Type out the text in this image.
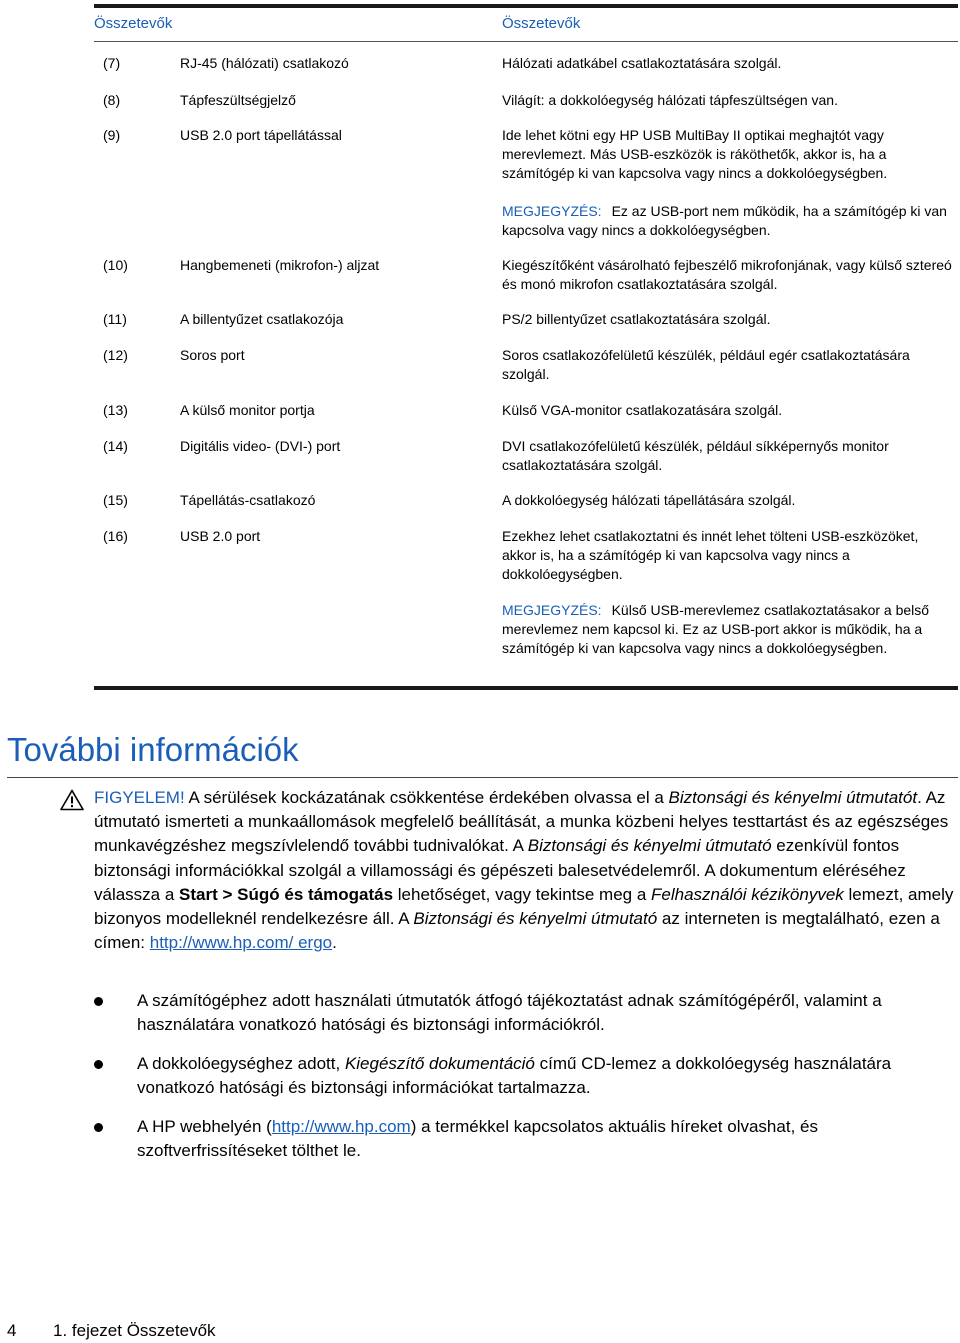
Összetevők	Összetevők
(7)	RJ-45 (hálózati) csatlakozó	Hálózati adatkábel csatlakoztatására szolgál.
(8)	Tápfeszültségjelző	Világít: a dokkolóegység hálózati tápfeszültségen van.
(9)	USB 2.0 port tápellátással	Ide lehet kötni egy HP USB MultiBay II optikai meghajtót vagy merevlemezt. Más USB-eszközök is ráköthetők, akkor is, ha a számítógép ki van kapcsolva vagy nincs a dokkolóegységben.
MEGJEGYZÉS: Ez az USB-port nem működik, ha a számítógép ki van kapcsolva vagy nincs a dokkolóegységben.
(10)	Hangbemeneti (mikrofon-) aljzat	Kiegészítőként vásárolható fejbeszélő mikrofonjának, vagy külső sztereó és monó mikrofon csatlakoztatására szolgál.
(11)	A billentyűzet csatlakozója	PS/2 billentyűzet csatlakoztatására szolgál.
(12)	Soros port	Soros csatlakozófelületű készülék, például egér csatlakoztatására szolgál.
(13)	A külső monitor portja	Külső VGA-monitor csatlakozatására szolgál.
(14)	Digitális video- (DVI-) port	DVI csatlakozófelületű készülék, például síkképernyős monitor csatlakoztatására szolgál.
(15)	Tápellátás-csatlakozó	A dokkolóegység hálózati tápellátására szolgál.
(16)	USB 2.0 port	Ezekhez lehet csatlakoztatni és innét lehet tölteni USB-eszközöket, akkor is, ha a számítógép ki van kapcsolva vagy nincs a dokkolóegységben.
MEGJEGYZÉS: Külső USB-merevlemez csatlakoztatásakor a belső merevlemez nem kapcsol ki. Ez az USB-port akkor is működik, ha a számítógép ki van kapcsolva vagy nincs a dokkolóegységben.
További információk
FIGYELEM! A sérülések kockázatának csökkentése érdekében olvassa el a Biztonsági és kényelmi útmutatót. Az útmutató ismerteti a munkaállomások megfelelő beállítását, a munka közbeni helyes testtartást és az egészséges munkavégzéshez megszívlelendő további tudnivalókat. A Biztonsági és kényelmi útmutató ezenkívül fontos biztonsági információkkal szolgál a villamossági és gépészeti balesetvédelemről. A dokumentum eléréséhez válassza a Start > Súgó és támogatás lehetőséget, vagy tekintse meg a Felhasználói kézikönyvek lemezt, amely bizonyos modelleknél rendelkezésre áll. A Biztonsági és kényelmi útmutató az interneten is megtalálható, ezen a címen: http://www.hp.com/ ergo.
A számítógéphez adott használati útmutatók átfogó tájékoztatást adnak számítógépéről, valamint a használatára vonatkozó hatósági és biztonsági információkról.
A dokkolóegységhez adott, Kiegészítő dokumentáció című CD-lemez a dokkolóegység használatára vonatkozó hatósági és biztonsági információkat tartalmazza.
A HP webhelyén (http://www.hp.com) a termékkel kapcsolatos aktuális híreket olvashat, és szoftverfrissítéseket tölthet le.
4 1. fejezet Összetevők
